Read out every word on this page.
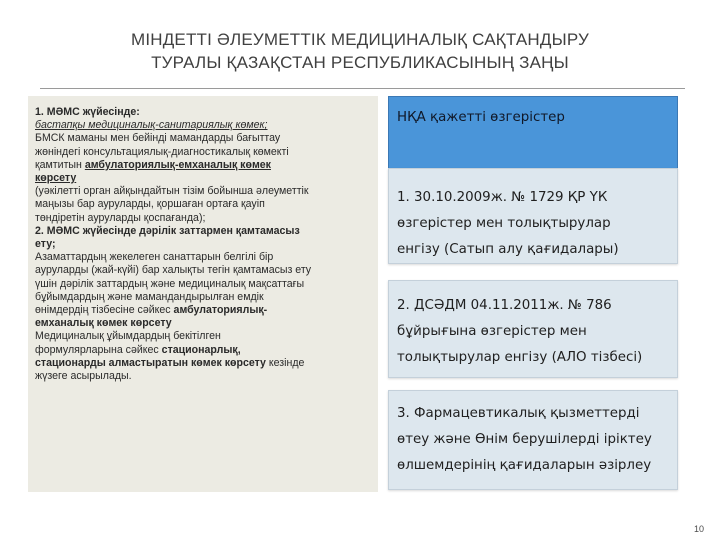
МІНДЕТТІ ӘЛЕУМЕТТІК МЕДИЦИНАЛЫҚ САҚТАНДЫРУ
ТУРАЛЫ ҚАЗАҚСТАН РЕСПУБЛИКАСЫНЫҢ ЗАҢЫ
1. МӘМС жүйесінде:
бастапқы медициналық-санитариялық көмек;
БМСК маманы мен бейінді мамандарды бағыттау
жөніндегі консультациялық-диагностикалық көмекті
қамтитын амбулаториялық-емханалық көмек
көрсету
(уәкілетті орган айқындайтын тізім бойынша әлеуметтік
маңызы бар ауруларды, қоршаған ортаға қауіп
төндіретін ауруларды қоспағанда);
2. МӘМС жүйесінде дәрілік заттармен қамтамасыз
ету;
Азаматтардың жекелеген санаттарын белгілі бір
ауруларды (жай-күйі) бар халықты тегін қамтамасыз ету
үшін дәрілік заттардың және медициналық мақсаттағы
бұйымдардың және мамандандырылған емдік
өнімдердің тізбесіне сәйкес амбулаториялық-
емханалық көмек көрсету
Медициналық ұйымдардың бекітілген
формулярларына сәйкес стационарлық,
стационарды алмастыратын көмек көрсету кезінде
жүзеге асырылады.
НҚА қажетті өзгерістер
1. 30.10.2009ж. № 1729 ҚР ҮК
өзгерістер мен толықтырулар
енгізу (Сатып алу қағидалары)
2. ДСӘДМ 04.11.2011ж. № 786
бұйрығына өзгерістер мен
толықтырулар енгізу (АЛО тізбесі)
3. Фармацевтикалық қызметтерді
өтеу және Өнім берушілерді іріктеу
өлшемдерінің қағидаларын әзірлеу
10
